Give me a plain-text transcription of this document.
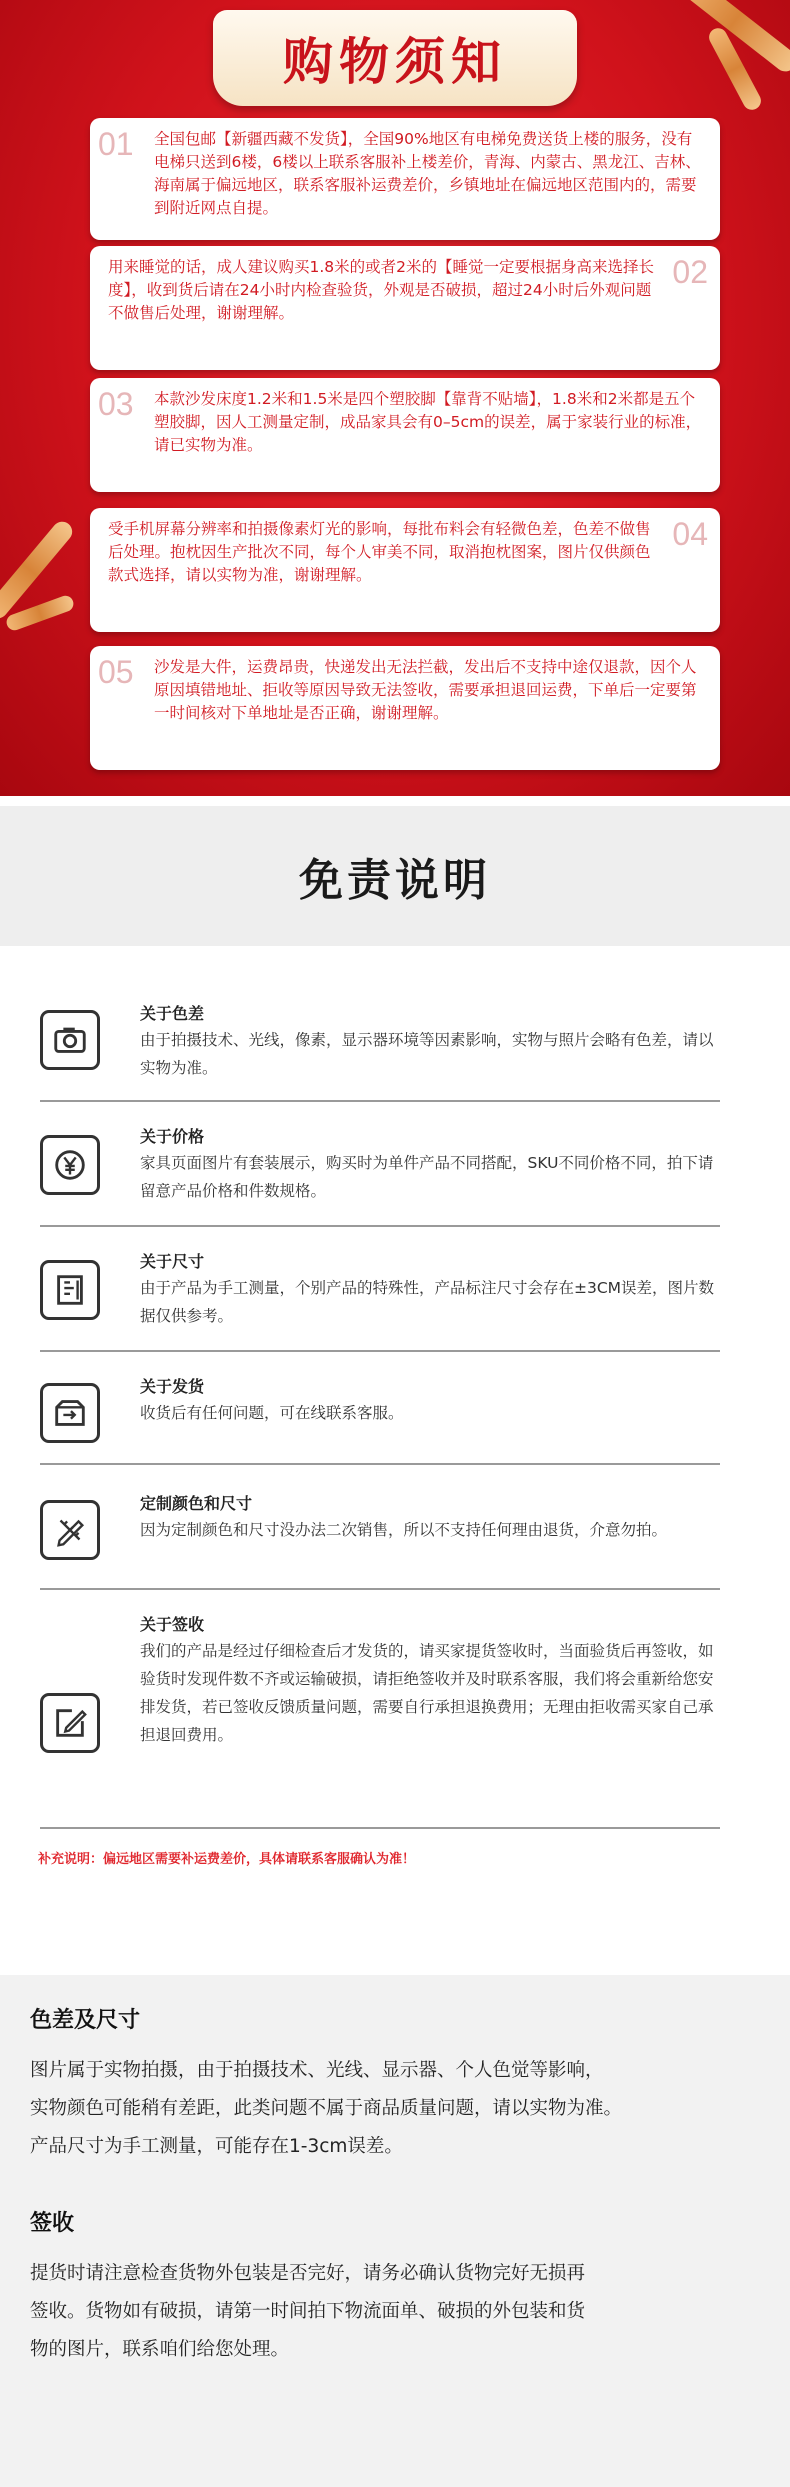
购物须知
01	全国包邮【新疆西藏不发货】，全国90%地区有电梯免费送货上楼的服务，没有电梯只送到6楼，6楼以上联系客服补上楼差价，青海、内蒙古、黑龙江、吉林、海南属于偏远地区，联系客服补运费差价，乡镇地址在偏远地区范围内的，需要到附近网点自提。

02

用来睡觉的话，成人建议购买1.8米的或者2米的【睡觉一定要根据身高来选择长度】，收到货后请在24小时内检查验货，外观是否破损，超过24小时后外观问题不做售后处理，谢谢理解。

03	本款沙发床度1.2米和1.5米是四个塑胶脚【靠背不贴墙】，1.8米和2米都是五个塑胶脚，因人工测量定制，成品家具会有0–5cm的误差，属于家装行业的标准，请已实物为准。

04

受手机屏幕分辨率和拍摄像素灯光的影响，每批布料会有轻微色差，色差不做售后处理。抱枕因生产批次不同，每个人审美不同，取消抱枕图案，图片仅供颜色款式选择，请以实物为准，谢谢理解。

05	沙发是大件，运费昂贵，快递发出无法拦截，发出后不支持中途仅退款，因个人原因填错地址、拒收等原因导致无法签收，需要承担退回运费，下单后一定要第一时间核对下单地址是否正确，谢谢理解。

免责说明
关于色差
由于拍摄技术、光线，像素，显示器环境等因素影响，实物与照片会略有色差，请以实物为准。
关于价格
家具页面图片有套装展示，购买时为单件产品不同搭配，SKU不同价格不同，拍下请留意产品价格和件数规格。
关于尺寸
由于产品为手工测量，个别产品的特殊性，产品标注尺寸会存在±3CM误差，图片数据仅供参考。
关于发货
收货后有任何问题，可在线联系客服。
定制颜色和尺寸
因为定制颜色和尺寸没办法二次销售，所以不支持任何理由退货，介意勿拍。
关于签收
我们的产品是经过仔细检查后才发货的，请买家提货签收时，当面验货后再签收，如验货时发现件数不齐或运输破损，请拒绝签收并及时联系客服，我们将会重新给您安排发货，若已签收反馈质量问题，需要自行承担退换费用；无理由拒收需买家自己承担退回费用。
补充说明：偏远地区需要补运费差价，具体请联系客服确认为准！
色差及尺寸

图片属于实物拍摄，由于拍摄技术、光线、显示器、个人色觉等影响，

实物颜色可能稍有差距，此类问题不属于商品质量问题，请以实物为准。

产品尺寸为手工测量，可能存在1-3cm误差。

签收

提货时请注意检查货物外包装是否完好，请务必确认货物完好无损再

签收。货物如有破损，请第一时间拍下物流面单、破损的外包装和货

物的图片，联系咱们给您处理。
